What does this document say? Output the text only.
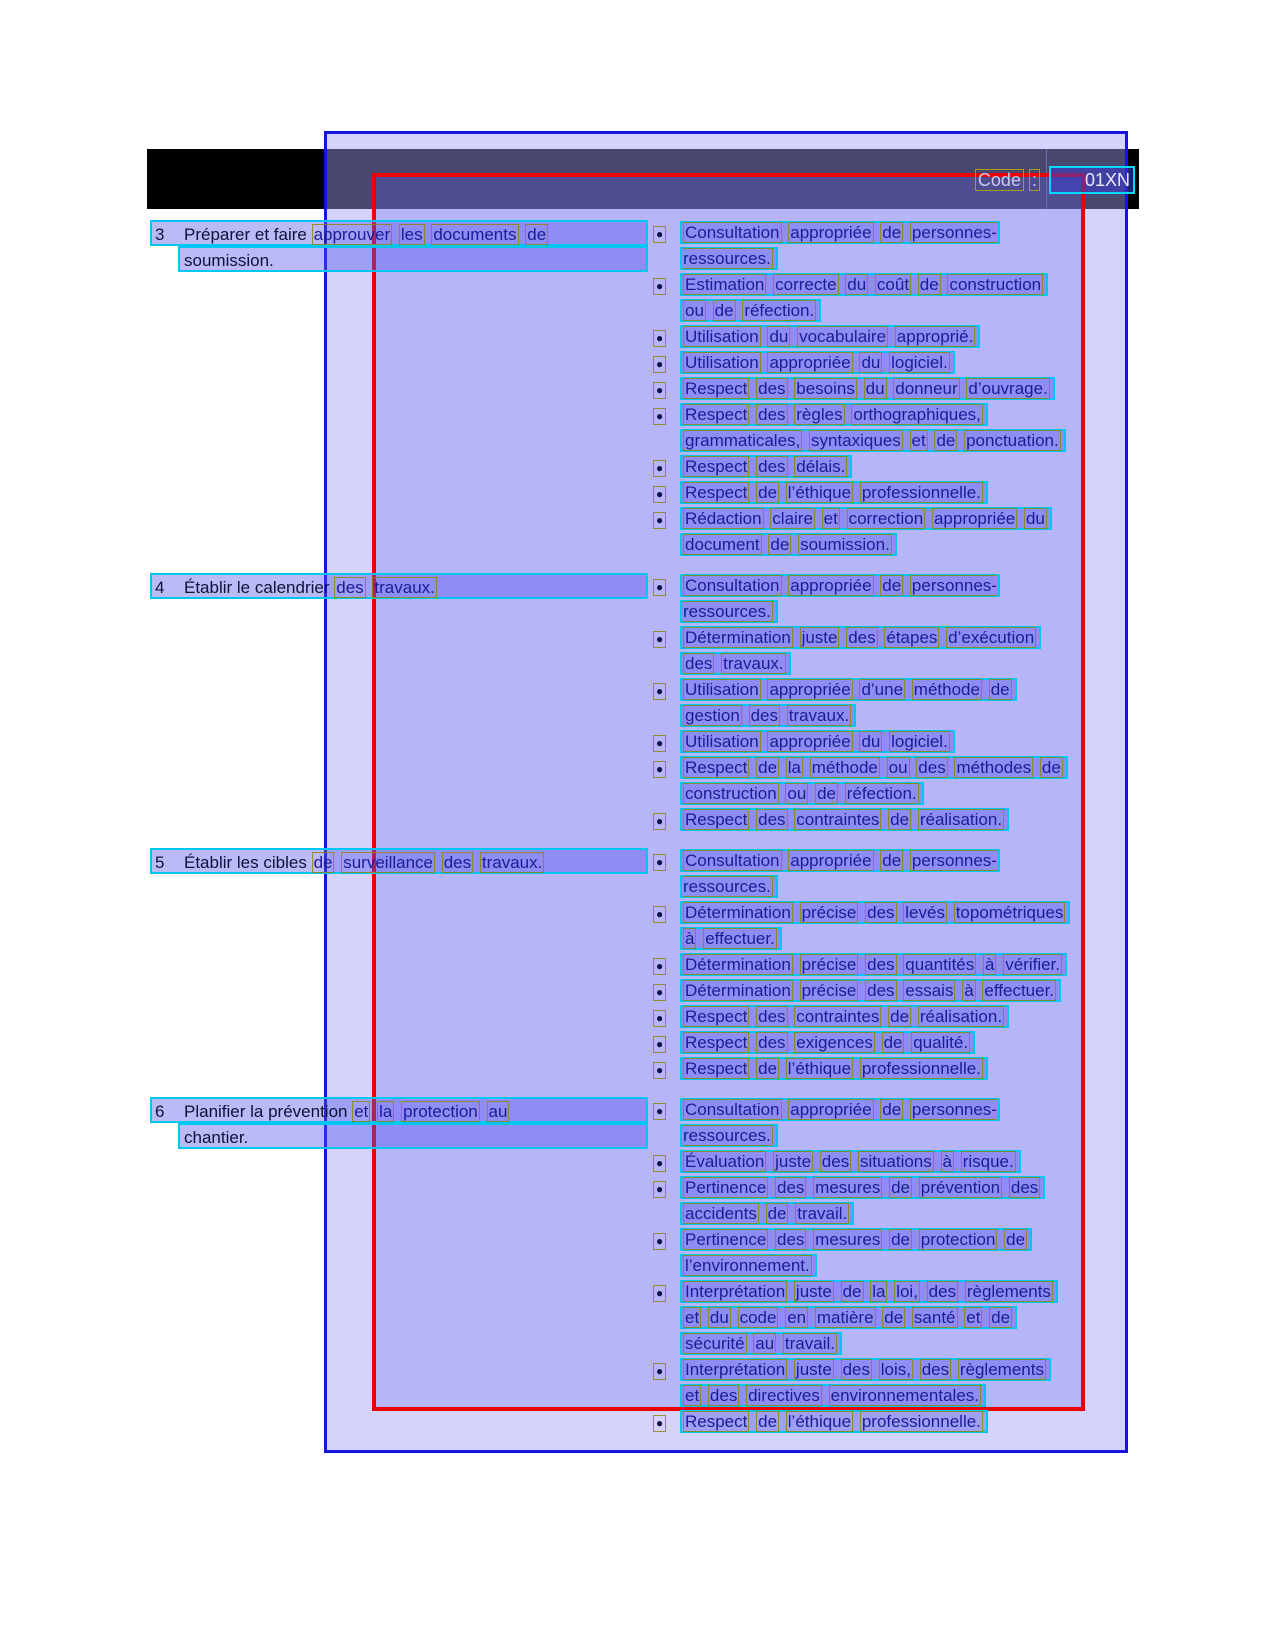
Code :	01XN
3 Préparer et faire approuver les documents de
soumission.
●	Consultation appropriée de personnes-ressources.
●	Estimation correcte du coût de construction ou de réfection.
●	Utilisation du vocabulaire approprié.
●	Utilisation appropriée du logiciel.
●	Respect des besoins du donneur d’ouvrage.
●	Respect des règles orthographiques, grammaticales, syntaxiques et de ponctuation.
●	Respect des délais.
●	Respect de l’éthique professionnelle.
●	Rédaction claire et correction appropriée du document de soumission.
4 Établir le calendrier des travaux.	●	Consultation appropriée de personnes-ressources.
●	Détermination juste des étapes d’exécution des travaux.
●	Utilisation appropriée d’une méthode de gestion des travaux.
●	Utilisation appropriée du logiciel.
●	Respect de la méthode ou des méthodes de construction ou de réfection.
●	Respect des contraintes de réalisation.
5 Établir les cibles de surveillance des travaux.	●	Consultation appropriée de personnes-ressources.
●	Détermination précise des levés topométriques à effectuer.
●	Détermination précise des quantités à vérifier.
●	Détermination précise des essais à effectuer.
●	Respect des contraintes de réalisation.
●	Respect des exigences de qualité.
●	Respect de l’éthique professionnelle.
6 Planifier la prévention et la protection au
chantier.
●	Consultation appropriée de personnes-ressources.
●	Évaluation juste des situations à risque.
●	Pertinence des mesures de prévention des accidents de travail.
●	Pertinence des mesures de protection de l’environnement.
●	Interprétation juste de la loi, des règlements et du code en matière de santé et de sécurité au travail.
●	Interprétation juste des lois, des règlements et des directives environnementales.
●	Respect de l’éthique professionnelle.
